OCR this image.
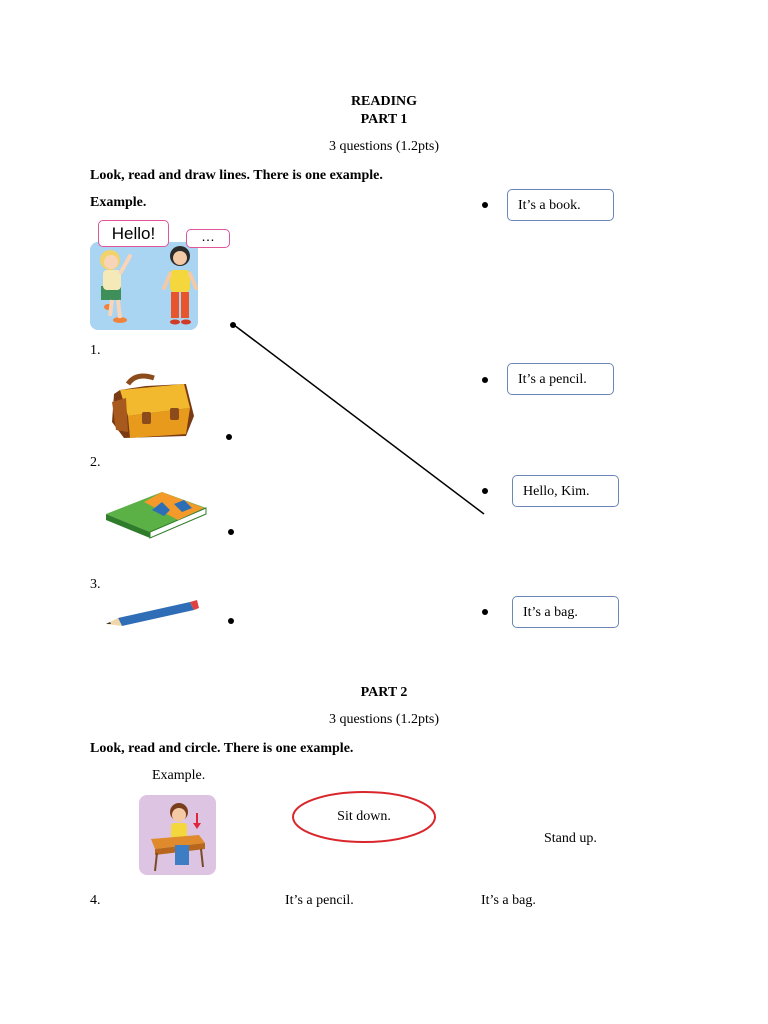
READING
PART 1
3 questions (1.2pts)
Look, read and draw lines. There is one example.
Example.
Hello!	…
1.
2.
3.
It’s a book.
It’s a pencil.
Hello, Kim.
It’s a bag.
PART 2
3 questions (1.2pts)
Look, read and circle. There is one example.
Example.
Sit down.
Stand up.
4.	It’s a pencil.	It’s a bag.
